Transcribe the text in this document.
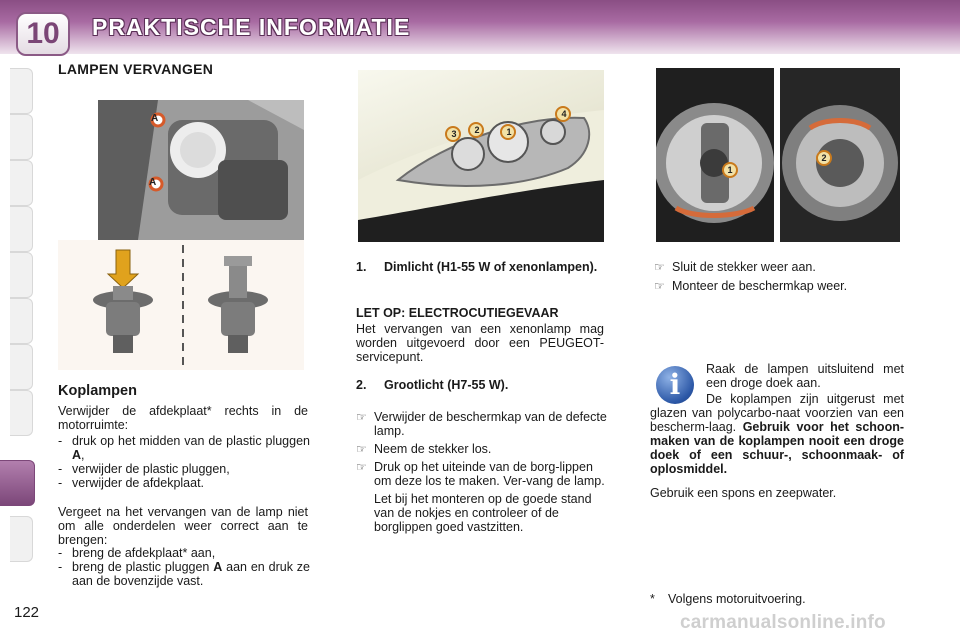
10	PRAKTISCHE INFORMATIE
LAMPEN VERVANGEN
A
A
1
2
3
4
1
2
Koplampen
Verwijder de afdekplaat* rechts in de motorruimte:
- druk op het midden van de plastic pluggen A,
- verwijder de plastic pluggen,
- verwijder de afdekplaat.
Vergeet na het vervangen van de lamp niet om alle onderdelen weer correct aan te brengen:
- breng de afdekplaat* aan,
- breng de plastic pluggen A aan en druk ze aan de bovenzijde vast.
1.	Dimlicht (H1-55 W of xenonlampen).
LET OP: ELECTROCUTIEGEVAAR
Het vervangen van een xenonlamp mag worden uitgevoerd door een PEUGEOT-servicepunt.
2.	Grootlicht (H7-55 W).
☞ Verwijder de beschermkap van de defecte lamp.
☞ Neem de stekker los.
☞ Druk op het uiteinde van de borg-lippen om deze los te maken. Ver-vang de lamp.
Let bij het monteren op de goede stand van de nokjes en controleer of de borglippen goed vastzitten.
☞ Sluit de stekker weer aan.
☞ Monteer de beschermkap weer.
i	Raak de lampen uitsluitend met een droge doek aan.
De koplampen zijn uitgerust met glazen van polycarbo-naat voorzien van een bescherm-laag. Gebruik voor het schoon-maken van de koplampen nooit een droge doek of een schuur-, schoonmaak- of oplosmiddel.
Gebruik een spons en zeepwater.
*	Volgens motoruitvoering.
122	carmanualsonline.info
